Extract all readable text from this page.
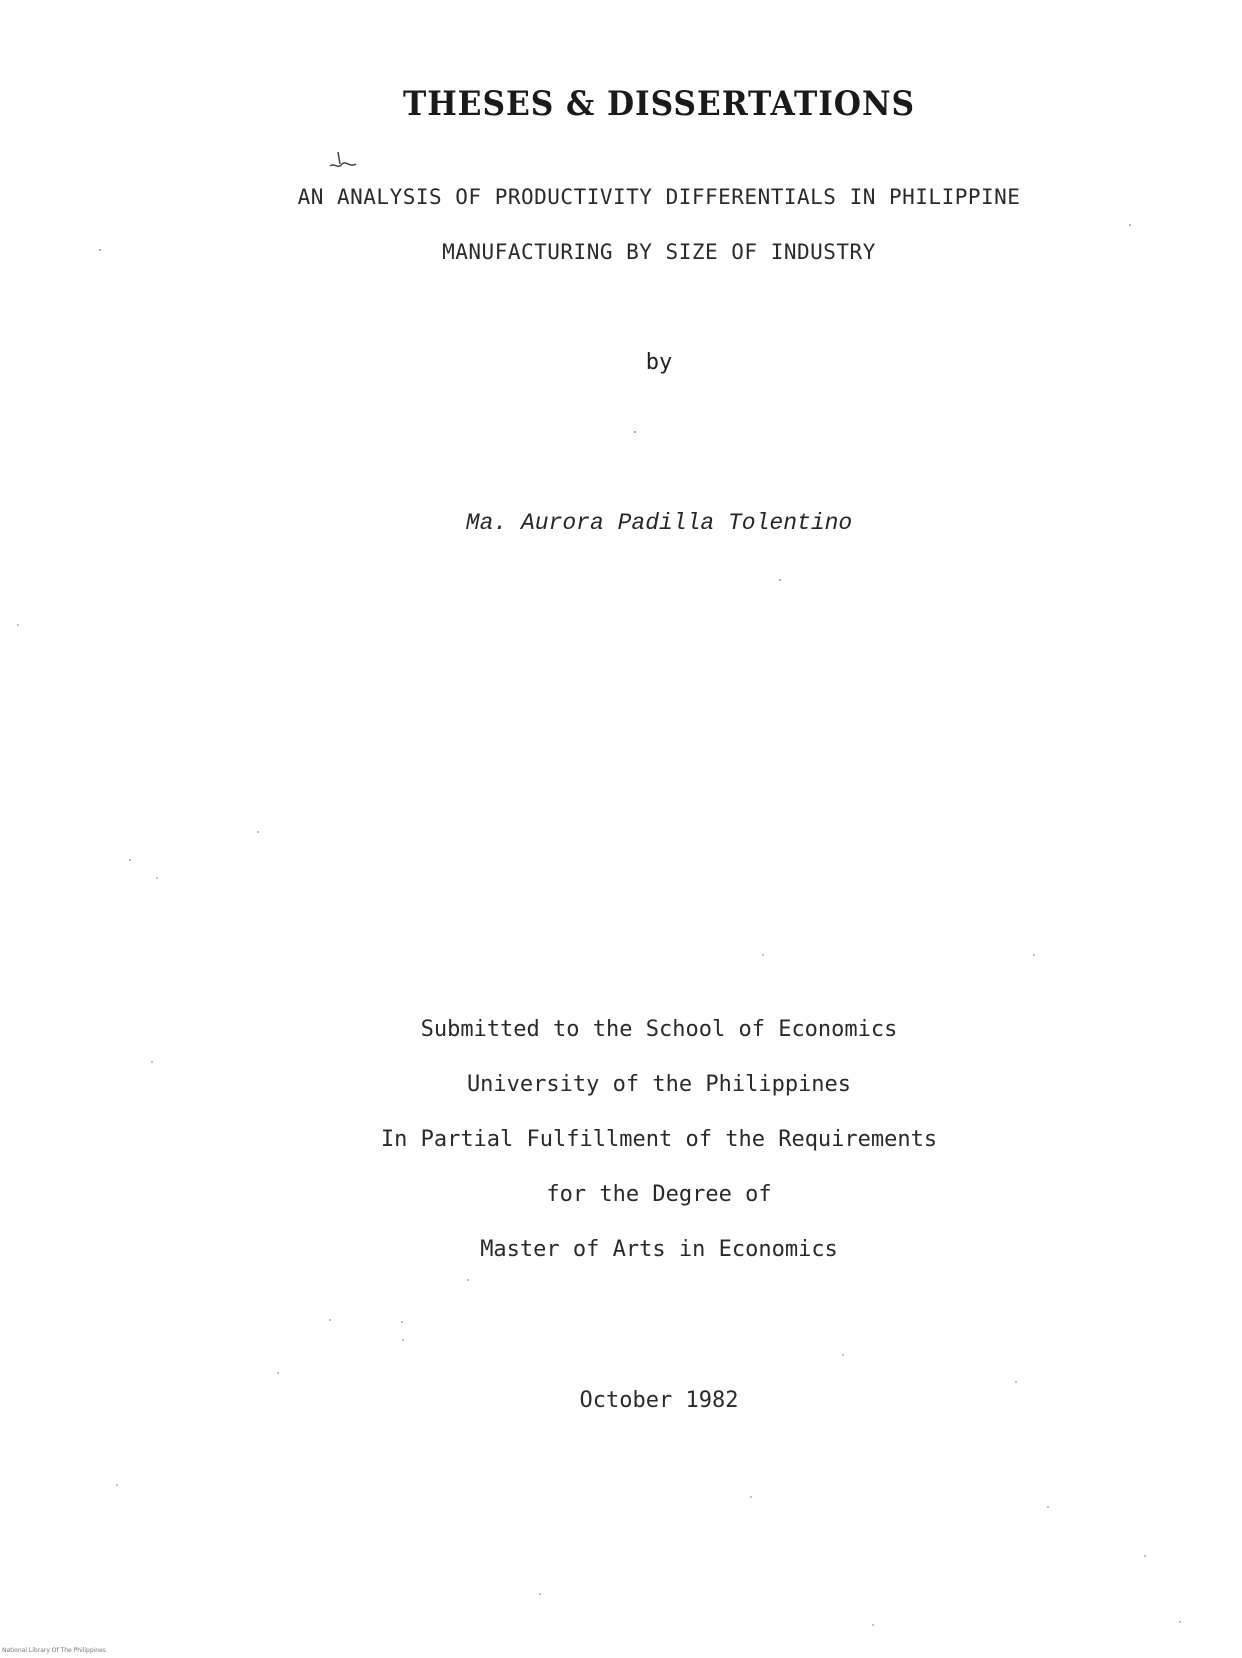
THESES & DISSERTATIONS
AN ANALYSIS OF PRODUCTIVITY DIFFERENTIALS IN PHILIPPINE
MANUFACTURING BY SIZE OF INDUSTRY
by
Ma. Aurora Padilla Tolentino
Submitted to the School of Economics
University of the Philippines
In Partial Fulfillment of the Requirements
for the Degree of
Master of Arts in Economics
October 1982
National Library Of The Philippines
